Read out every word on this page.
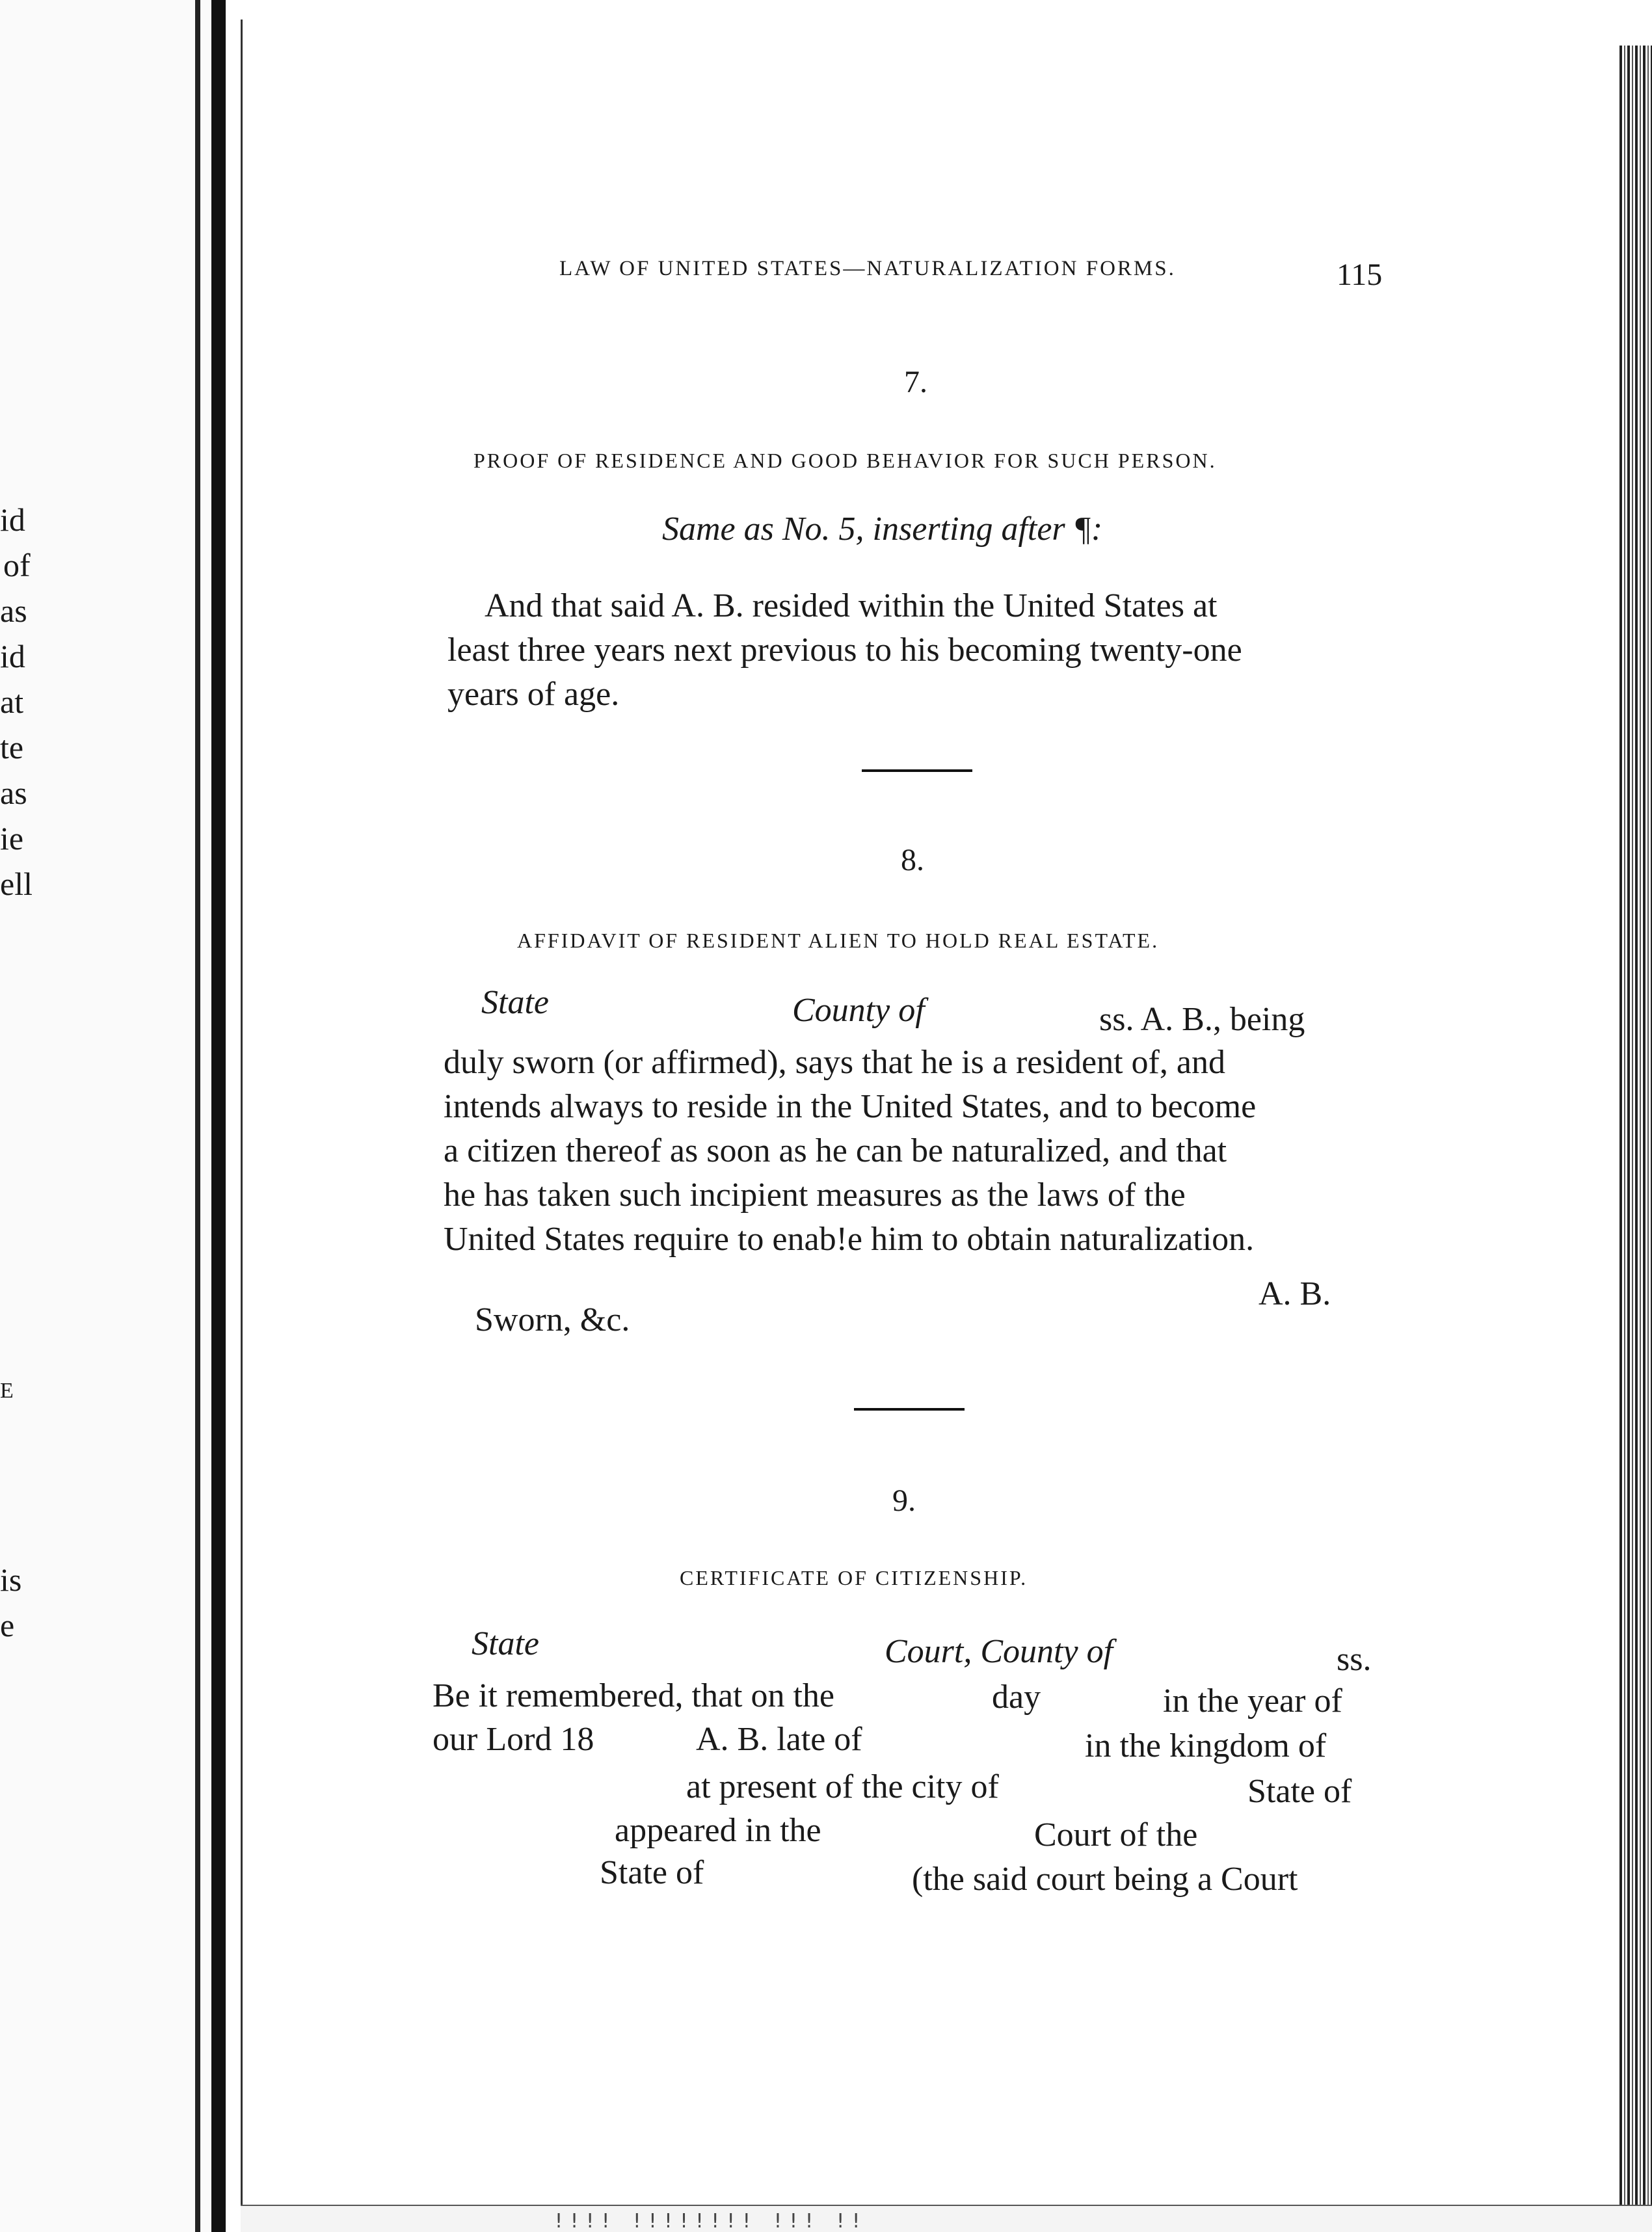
id
of
as
id
at
te
as
ie
ell
E
is
e
!!!! !!!!!!!! !!! !!
LAW OF UNITED STATES—NATURALIZATION FORMS.	115
7.
PROOF OF RESIDENCE AND GOOD BEHAVIOR FOR SUCH PERSON.
Same as No. 5, inserting after ¶:
And that said A. B. resided within the United States at
least three years next previous to his becoming twenty-one
years of age.
8.
AFFIDAVIT OF RESIDENT ALIEN TO HOLD REAL ESTATE.
State	County of	ss. A. B., being
duly sworn (or affirmed), says that he is a resident of, and
intends always to reside in the United States, and to become
a citizen thereof as soon as he can be naturalized, and that
he has taken such incipient measures as the laws of the
United States require to enab!e him to obtain naturalization.
A. B.
Sworn, &c.
9.
CERTIFICATE OF CITIZENSHIP.
State	Court, County of	ss.
Be it remembered, that on the	day	in the year of
our Lord 18	A. B. late of	in the kingdom of
at present of the city of	State of
appeared in the	Court of the
State of	(the said court being a Court
